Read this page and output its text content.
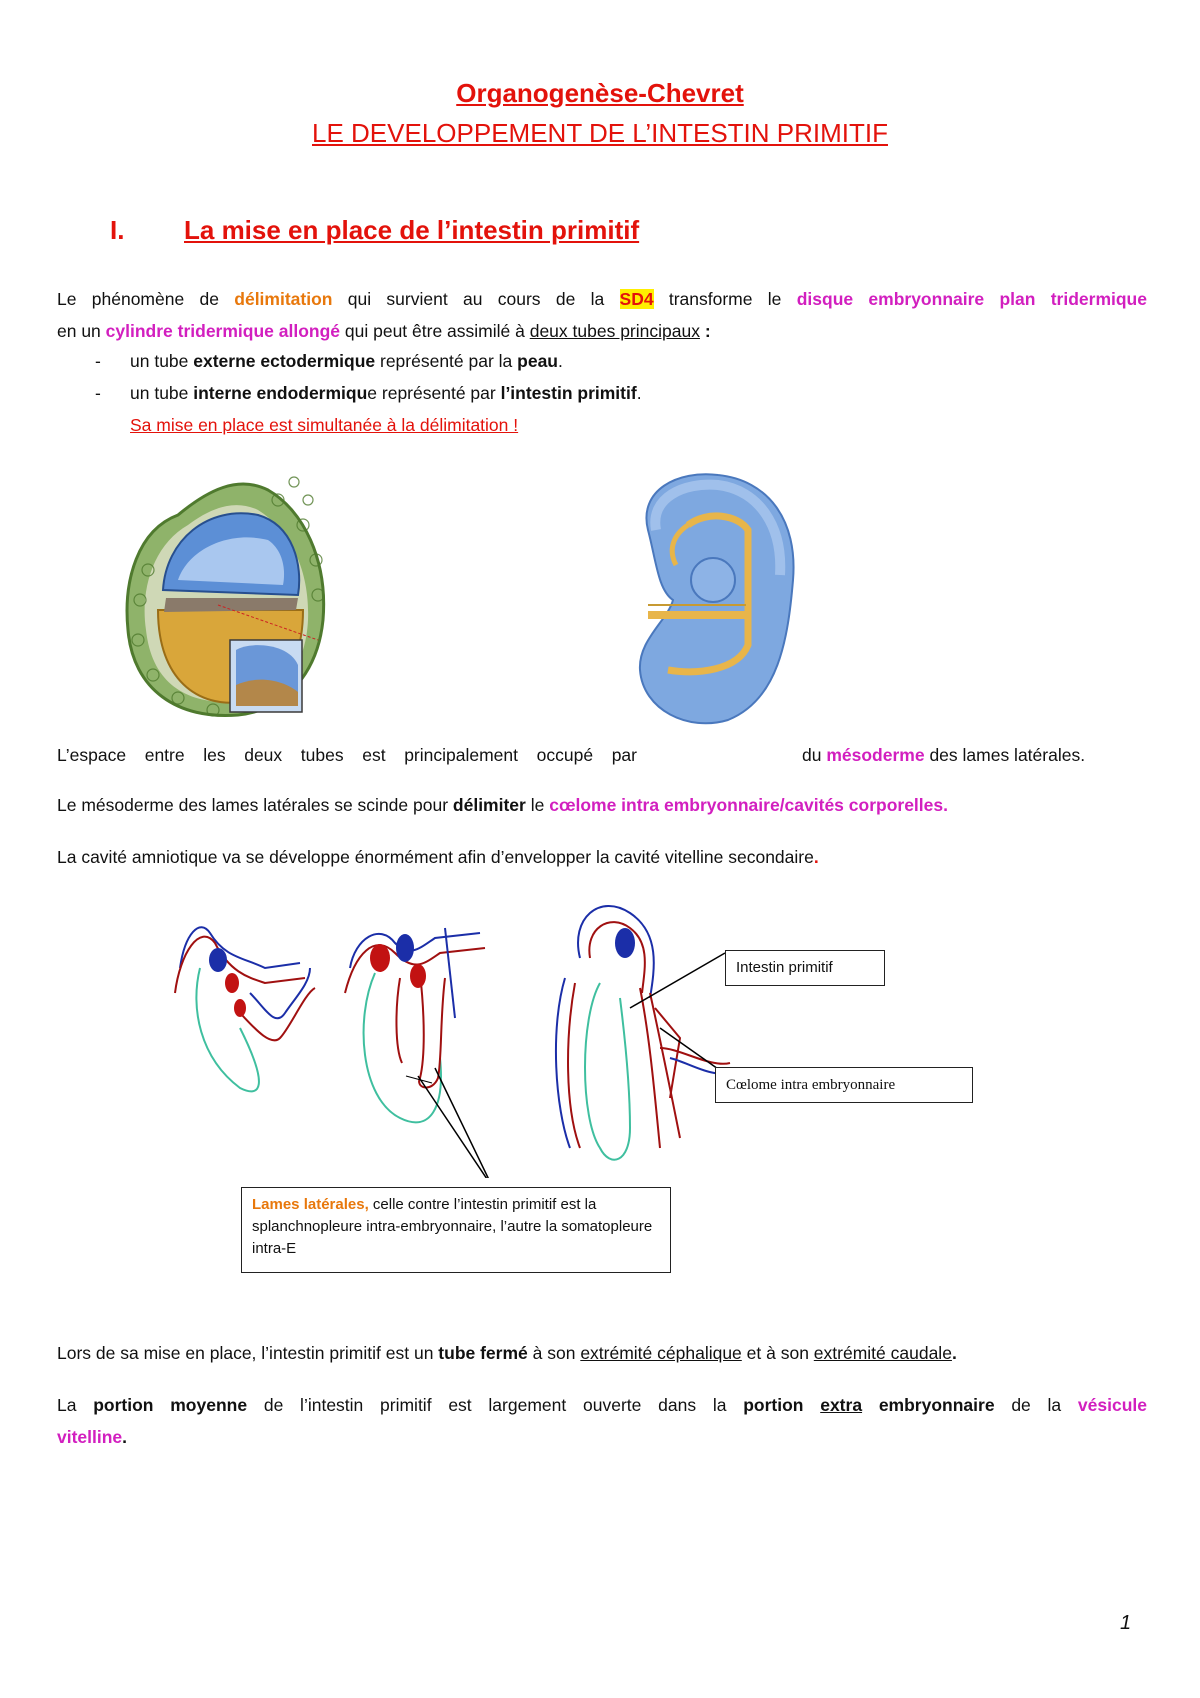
Organogenèse-Chevret
LE DEVELOPPEMENT DE L’INTESTIN PRIMITIF
I. La mise en place de l’intestin primitif
Le phénomène de délimitation qui survient au cours de la SD4 transforme le disque embryonnaire plan tridermique
en un cylindre tridermique allongé qui peut être assimilé à deux tubes principaux :
- un tube externe ectodermique représenté par la peau.
- un tube interne endodermique représenté par l’intestin primitif.
Sa mise en place est simultanée à la délimitation !
L’espace entre les deux tubes est principalement occupé par	du mésoderme des lames latérales.
Le mésoderme des lames latérales se scinde pour délimiter le cœlome intra embryonnaire/cavités corporelles.
La cavité amniotique va se développe énormément afin d’envelopper la cavité vitelline secondaire.
Intestin primitif
Cœlome intra embryonnaire
Lames latérales, celle contre l’intestin primitif est la splanchnopleure intra-embryonnaire, l’autre la somatopleure intra-E
Lors de sa mise en place, l’intestin primitif est un tube fermé à son extrémité céphalique et à son extrémité caudale.
La portion moyenne de l’intestin primitif est largement ouverte dans la portion extra embryonnaire de la vésicule
vitelline.
1
